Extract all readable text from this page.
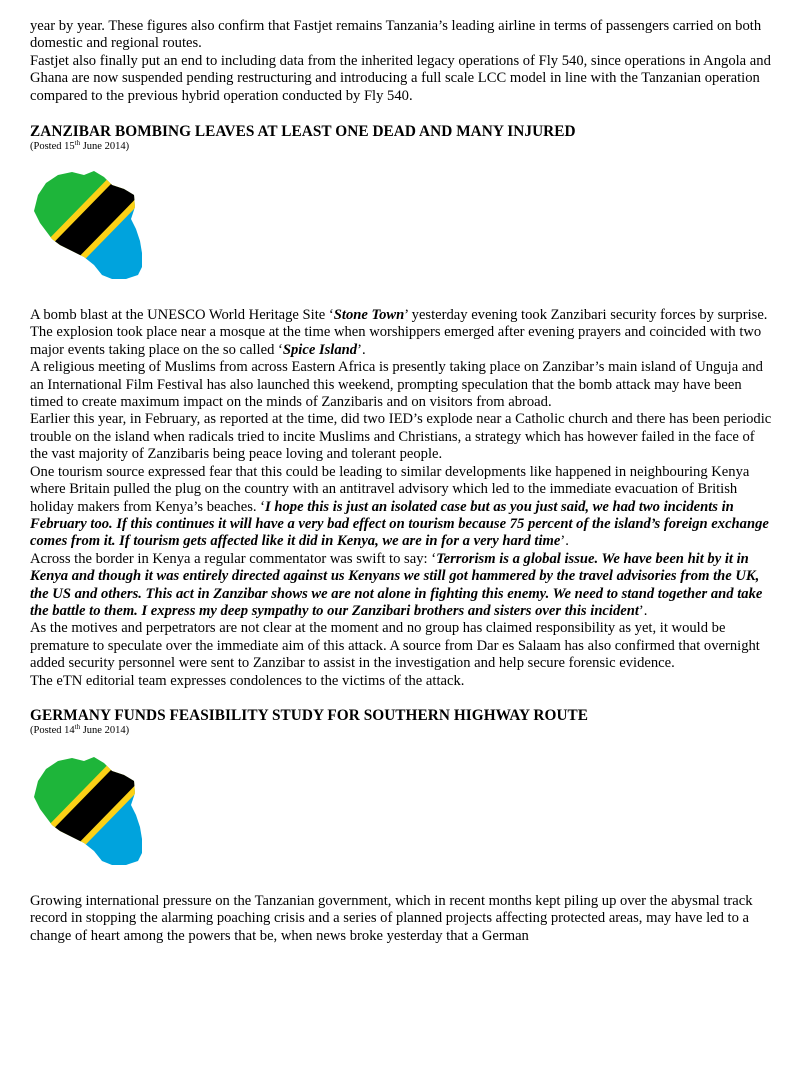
year by year. These figures also confirm that Fastjet remains Tanzania’s leading airline in terms of passengers carried on both domestic and regional routes.

Fastjet also finally put an end to including data from the inherited legacy operations of Fly 540, since operations in Angola and Ghana are now suspended pending restructuring and introducing a full scale LCC model in line with the Tanzanian operation compared to the previous hybrid operation conducted by Fly 540.

ZANZIBAR BOMBING LEAVES AT LEAST ONE DEAD AND MANY INJURED

(Posted 15th June 2014)

A bomb blast at the UNESCO World Heritage Site ‘Stone Town’ yesterday evening took Zanzibari security forces by surprise. The explosion took place near a mosque at the time when worshippers emerged after evening prayers and coincided with two major events taking place on the so called ‘Spice Island’.

A religious meeting of Muslims from across Eastern Africa is presently taking place on Zanzibar’s main island of Unguja and an International Film Festival has also launched this weekend, prompting speculation that the bomb attack may have been timed to create maximum impact on the minds of Zanzibaris and on visitors from abroad.

Earlier this year, in February, as reported at the time, did two IED’s explode near a Catholic church and there has been periodic trouble on the island when radicals tried to incite Muslims and Christians, a strategy which has however failed in the face of the vast majority of Zanzibaris being peace loving and tolerant people.

One tourism source expressed fear that this could be leading to similar developments like happened in neighbouring Kenya where Britain pulled the plug on the country with an antitravel advisory which led to the immediate evacuation of British holiday makers from Kenya’s beaches. ‘I hope this is just an isolated case but as you just said, we had two incidents in February too. If this continues it will have a very bad effect on tourism because 75 percent of the island’s foreign exchange comes from it. If tourism gets affected like it did in Kenya, we are in for a very hard time’.

Across the border in Kenya a regular commentator was swift to say: ‘Terrorism is a global issue. We have been hit by it in Kenya and though it was entirely directed against us Kenyans we still got hammered by the travel advisories from the UK, the US and others. This act in Zanzibar shows we are not alone in fighting this enemy. We need to stand together and take the battle to them. I express my deep sympathy to our Zanzibari brothers and sisters over this incident’.

As the motives and perpetrators are not clear at the moment and no group has claimed responsibility as yet, it would be premature to speculate over the immediate aim of this attack. A source from Dar es Salaam has also confirmed that overnight added security personnel were sent to Zanzibar to assist in the investigation and help secure forensic evidence.

The eTN editorial team expresses condolences to the victims of the attack.

GERMANY FUNDS FEASIBILITY STUDY FOR SOUTHERN HIGHWAY ROUTE

(Posted 14th June 2014)

Growing international pressure on the Tanzanian government, which in recent months kept piling up over the abysmal track record in stopping the alarming poaching crisis and a series of planned projects affecting protected areas, may have led to a change of heart among the powers that be, when news broke yesterday that a German
